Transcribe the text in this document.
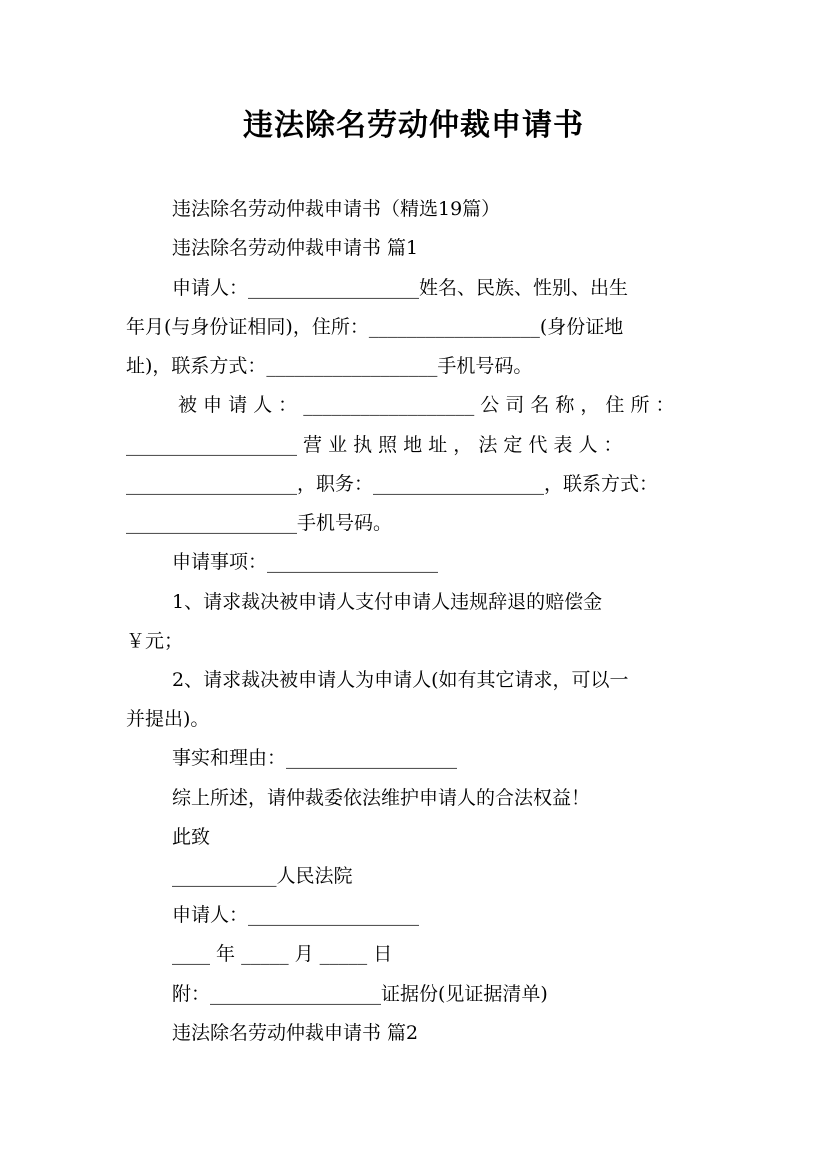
违法除名劳动仲裁申请书
违法除名劳动仲裁申请书（精选19篇）
违法除名劳动仲裁申请书 篇1
申请人：__________________姓名、民族、性别、出生
年月(与身份证相同)，住所：__________________(身份证地
址)，联系方式：__________________手机号码。
被 申 请 人 ： __________________ 公 司 名 称 ， 住 所 ：
__________________ 营 业 执 照 地 址 ， 法 定 代 表 人 ：
__________________，职务：__________________，联系方式：
__________________手机号码。
申请事项：__________________
1、请求裁决被申请人支付申请人违规辞退的赔偿金
￥元；
2、请求裁决被申请人为申请人(如有其它请求，可以一
并提出)。
事实和理由：__________________
综上所述，请仲裁委依法维护申请人的合法权益！
此致
___________人民法院
申请人：__________________
____ 年 _____ 月 _____ 日
附：__________________证据份(见证据清单)
违法除名劳动仲裁申请书 篇2
